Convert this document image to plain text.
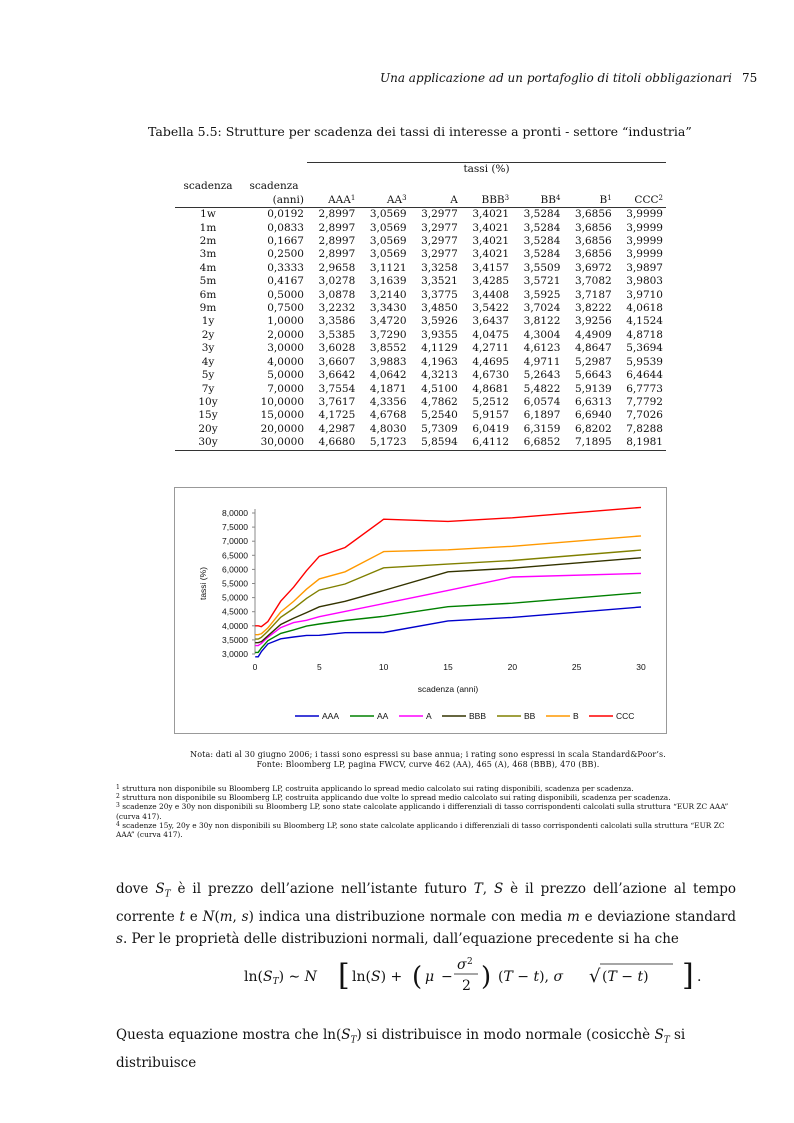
Una applicazione ad un portafoglio di titoli obbligazionari 75
Tabella 5.5: Strutture per scadenza dei tassi di interesse a pronti - settore “industria”
		tassi (%)						
scadenza	scadenza							
	(anni)	AAA$^1$	$AA^3$	A	BBB$^3$	$BB^4$	$B^1$	CCC$^2$
1w	0,0192	2,8997	3,0569	3,2977	3,4021	3,5284	3,6856	3,9999
1m	0,0833	2,8997	3,0569	3,2977	3,4021	3,5284	3,6856	3,9999
2m	0,1667	2,8997	3,0569	3,2977	3,4021	3,5284	3,6856	3,9999
3m	0,2500	2,8997	3,0569	3,2977	3,4021	3,5284	3,6856	3,9999
4m	0,3333	2,9658	3,1121	3,3258	3,4157	3,5509	3,6972	3,9897
5m	0,4167	3,0278	3,1639	3,3521	3,4285	3,5721	3,7082	3,9803
6m	0,5000	3,0878	3,2140	3,3775	3,4408	3,5925	3,7187	3,9710
9m	0,7500	3,2232	3,3430	3,4850	3,5422	3,7024	3,8222	4,0618
1y	1,0000	3,3586	3,4720	3,5926	3,6437	3,8122	3,9256	4,1524
2y	2,0000	3,5385	3,7290	3,9355	4,0475	4,3004	4,4909	4,8718
3y	3,0000	3,6028	3,8552	4,1129	4,2711	4,6123	4,8647	5,3694
4y	4,0000	3,6607	3,9883	4,1963	4,4695	4,9711	5,2987	5,9539
5y	5,0000	3,6642	4,0642	4,3213	4,6730	5,2643	5,6643	6,4644
7y	7,0000	3,7554	4,1871	4,5100	4,8681	5,4822	5,9139	6,7773
10y	10,0000	3,7617	4,3356	4,7862	5,2512	6,0574	6,6313	7,7792
15y	15,0000	4,1725	4,6768	5,2540	5,9157	6,1897	6,6940	7,7026
20y	20,0000	4,2987	4,8030	5,7309	6,0419	6,3159	6,8202	7,8288
30y	30,0000	4,6680	5,1723	5,8594	6,4112	6,6852	7,1895	8,1981
3,0000
3,5000
4,0000
4,5000
5,0000
5,5000
6,0000
6,5000
7,0000
7,5000
8,0000
0	5	10	15	20	25	30
scadenza (anni)
tassi (%)
AAA	AA	A	BBB	BB	B	CCC
Nota: dati al 30 giugno 2006; i tassi sono espressi su base annua; i rating sono espressi in scala Standard&Poor’s.
Fonte: Bloomberg LP, pagina FWCV, curve 462 (AA), 465 (A), 468 (BBB), 470 (BB).
$^1$ struttura non disponibile su Bloomberg LP, costruita applicando lo spread medio calcolato sui rating disponibili, scadenza per scadenza.
$^2$ struttura non disponibile su Bloomberg LP, costruita applicando due volte lo spread medio calcolato sui rating disponibili, scadenza per scadenza.
$^3$ scadenze 20y e 30y non disponibili su Bloomberg LP, sono state calcolate applicando i differenziali di tasso corrispondenti calcolati sulla struttura “EUR ZC AAA” (curva 417).
$^4$ scadenze 15y, 20y e 30y non disponibili su Bloomberg LP, sono state calcolate applicando i differenziali di tasso corrispondenti calcolati sulla struttura “EUR ZC AAA” (curva 417).
dove $S_T$ è il prezzo dell’azione nell’istante futuro T, S è il prezzo dell’azione al tempo corrente t e N(m, s) indica una distribuzione normale con media m e deviazione standard s. Per le proprietà delle distribuzioni normali, dall’equazione precedente si ha che
$\ln(S_T)$ ∼ N [ ln(S) + ( μ −
σ 2
2 ) (T − t), σ √ (T − t) ] .
Questa equazione mostra che $\ln(S_T)$ si distribuisce in modo normale (cosicchè $S_T$ si distribuisce
